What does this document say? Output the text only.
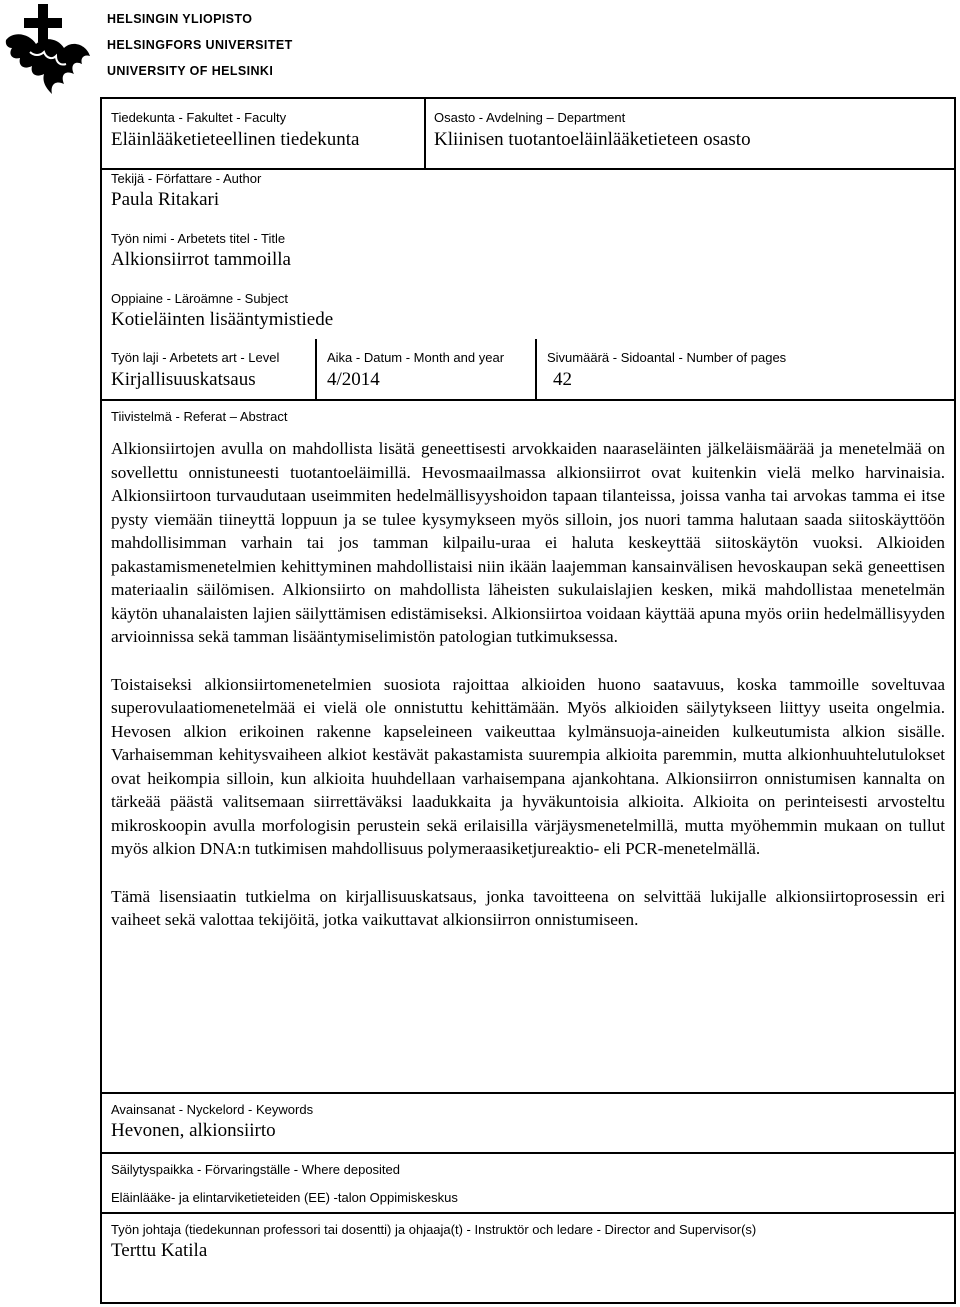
HELSINGIN YLIOPISTO
HELSINGFORS UNIVERSITET
UNIVERSITY OF HELSINKI
Tiedekunta - Fakultet - Faculty
Eläinlääketieteellinen tiedekunta
Osasto - Avdelning – Department
Kliinisen tuotantoeläinlääketieteen osasto
Tekijä - Författare - Author
Paula Ritakari
Työn nimi - Arbetets titel - Title
Alkionsiirrot tammoilla
Oppiaine - Läroämne - Subject
Kotieläinten lisääntymistiede
Työn laji - Arbetets art - Level
Kirjallisuuskatsaus
Aika - Datum - Month and year
4/2014
Sivumäärä - Sidoantal - Number of pages
42
Tiivistelmä - Referat – Abstract

Alkionsiirtojen avulla on mahdollista lisätä geneettisesti arvokkaiden naaraseläinten jälkeläismäärää ja menetelmää on sovellettu onnistuneesti tuotantoeläimillä. Hevosmaailmassa alkionsiirrot ovat kuitenkin vielä melko harvinaisia. Alkionsiirtoon turvaudutaan useimmiten hedelmällisyyshoidon tapaan tilanteissa, joissa vanha tai arvokas tamma ei itse pysty viemään tiineyttä loppuun ja se tulee kysymykseen myös silloin, jos nuori tamma halutaan saada siitoskäyttöön mahdollisimman varhain tai jos tamman kilpailu-uraa ei haluta keskeyttää siitoskäytön vuoksi. Alkioiden pakastamismenetelmien kehittyminen mahdollistaisi niin ikään laajemman kansainvälisen hevoskaupan sekä geneettisen materiaalin säilömisen. Alkionsiirto on mahdollista läheisten sukulaislajien kesken, mikä mahdollistaa menetelmän käytön uhanalaisten lajien säilyttämisen edistämiseksi. Alkionsiirtoa voidaan käyttää apuna myös oriin hedelmällisyyden arvioinnissa sekä tamman lisääntymiselimistön patologian tutkimuksessa.

Toistaiseksi alkionsiirtomenetelmien suosiota rajoittaa alkioiden huono saatavuus, koska tammoille soveltuvaa superovulaatiomenetelmää ei vielä ole onnistuttu kehittämään. Myös alkioiden säilytykseen liittyy useita ongelmia. Hevosen alkion erikoinen rakenne kapseleineen vaikeuttaa kylmänsuoja-aineiden kulkeutumista alkion sisälle. Varhaisemman kehitysvaiheen alkiot kestävät pakastamista suurempia alkioita paremmin, mutta alkionhuuhtelutulokset ovat heikompia silloin, kun alkioita huuhdellaan varhaisempana ajankohtana. Alkionsiirron onnistumisen kannalta on tärkeää päästä valitsemaan siirrettäväksi laadukkaita ja hyväkuntoisia alkioita. Alkioita on perinteisesti arvosteltu mikroskoopin avulla morfologisin perustein sekä erilaisilla värjäysmenetelmillä, mutta myöhemmin mukaan on tullut myös alkion DNA:n tutkimisen mahdollisuus polymeraasiketjureaktio- eli PCR-menetelmällä.

Tämä lisensiaatin tutkielma on kirjallisuuskatsaus, jonka tavoitteena on selvittää lukijalle alkionsiirtoprosessin eri vaiheet sekä valottaa tekijöitä, jotka vaikuttavat alkionsiirron onnistumiseen.

Avainsanat - Nyckelord - Keywords
Hevonen, alkionsiirto
Säilytyspaikka - Förvaringställe - Where deposited
Eläinlääke- ja elintarviketieteiden (EE) -talon Oppimiskeskus
Työn johtaja (tiedekunnan professori tai dosentti) ja ohjaaja(t) - Instruktör och ledare - Director and Supervisor(s)
Terttu Katila
